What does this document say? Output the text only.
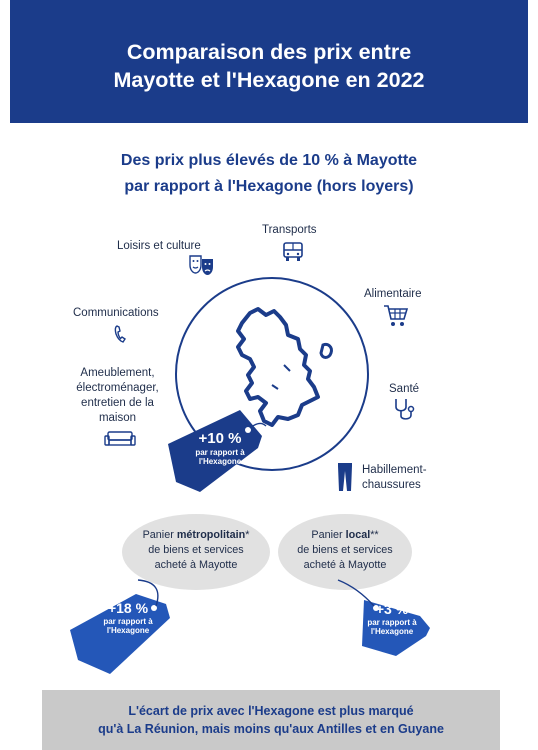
Comparaison des prix entre
Mayotte et l'Hexagone en 2022
Des prix plus élevés de 10 % à Mayotte
par rapport à l'Hexagone (hors loyers)
Transports
Loisirs et culture
Alimentaire
Communications
Ameublement,
électroménager,
entretien de la
maison
Santé
Habillement-
chaussures
+10 %
par rapport à
l'Hexagone
Panier métropolitain*
de biens et services
acheté à Mayotte
Panier local**
de biens et services
acheté à Mayotte
+18 %
par rapport à
l'Hexagone
+3 %
par rapport à
l'Hexagone
L'écart de prix avec l'Hexagone est plus marqué
qu'à La Réunion, mais moins qu'aux Antilles et en Guyane
